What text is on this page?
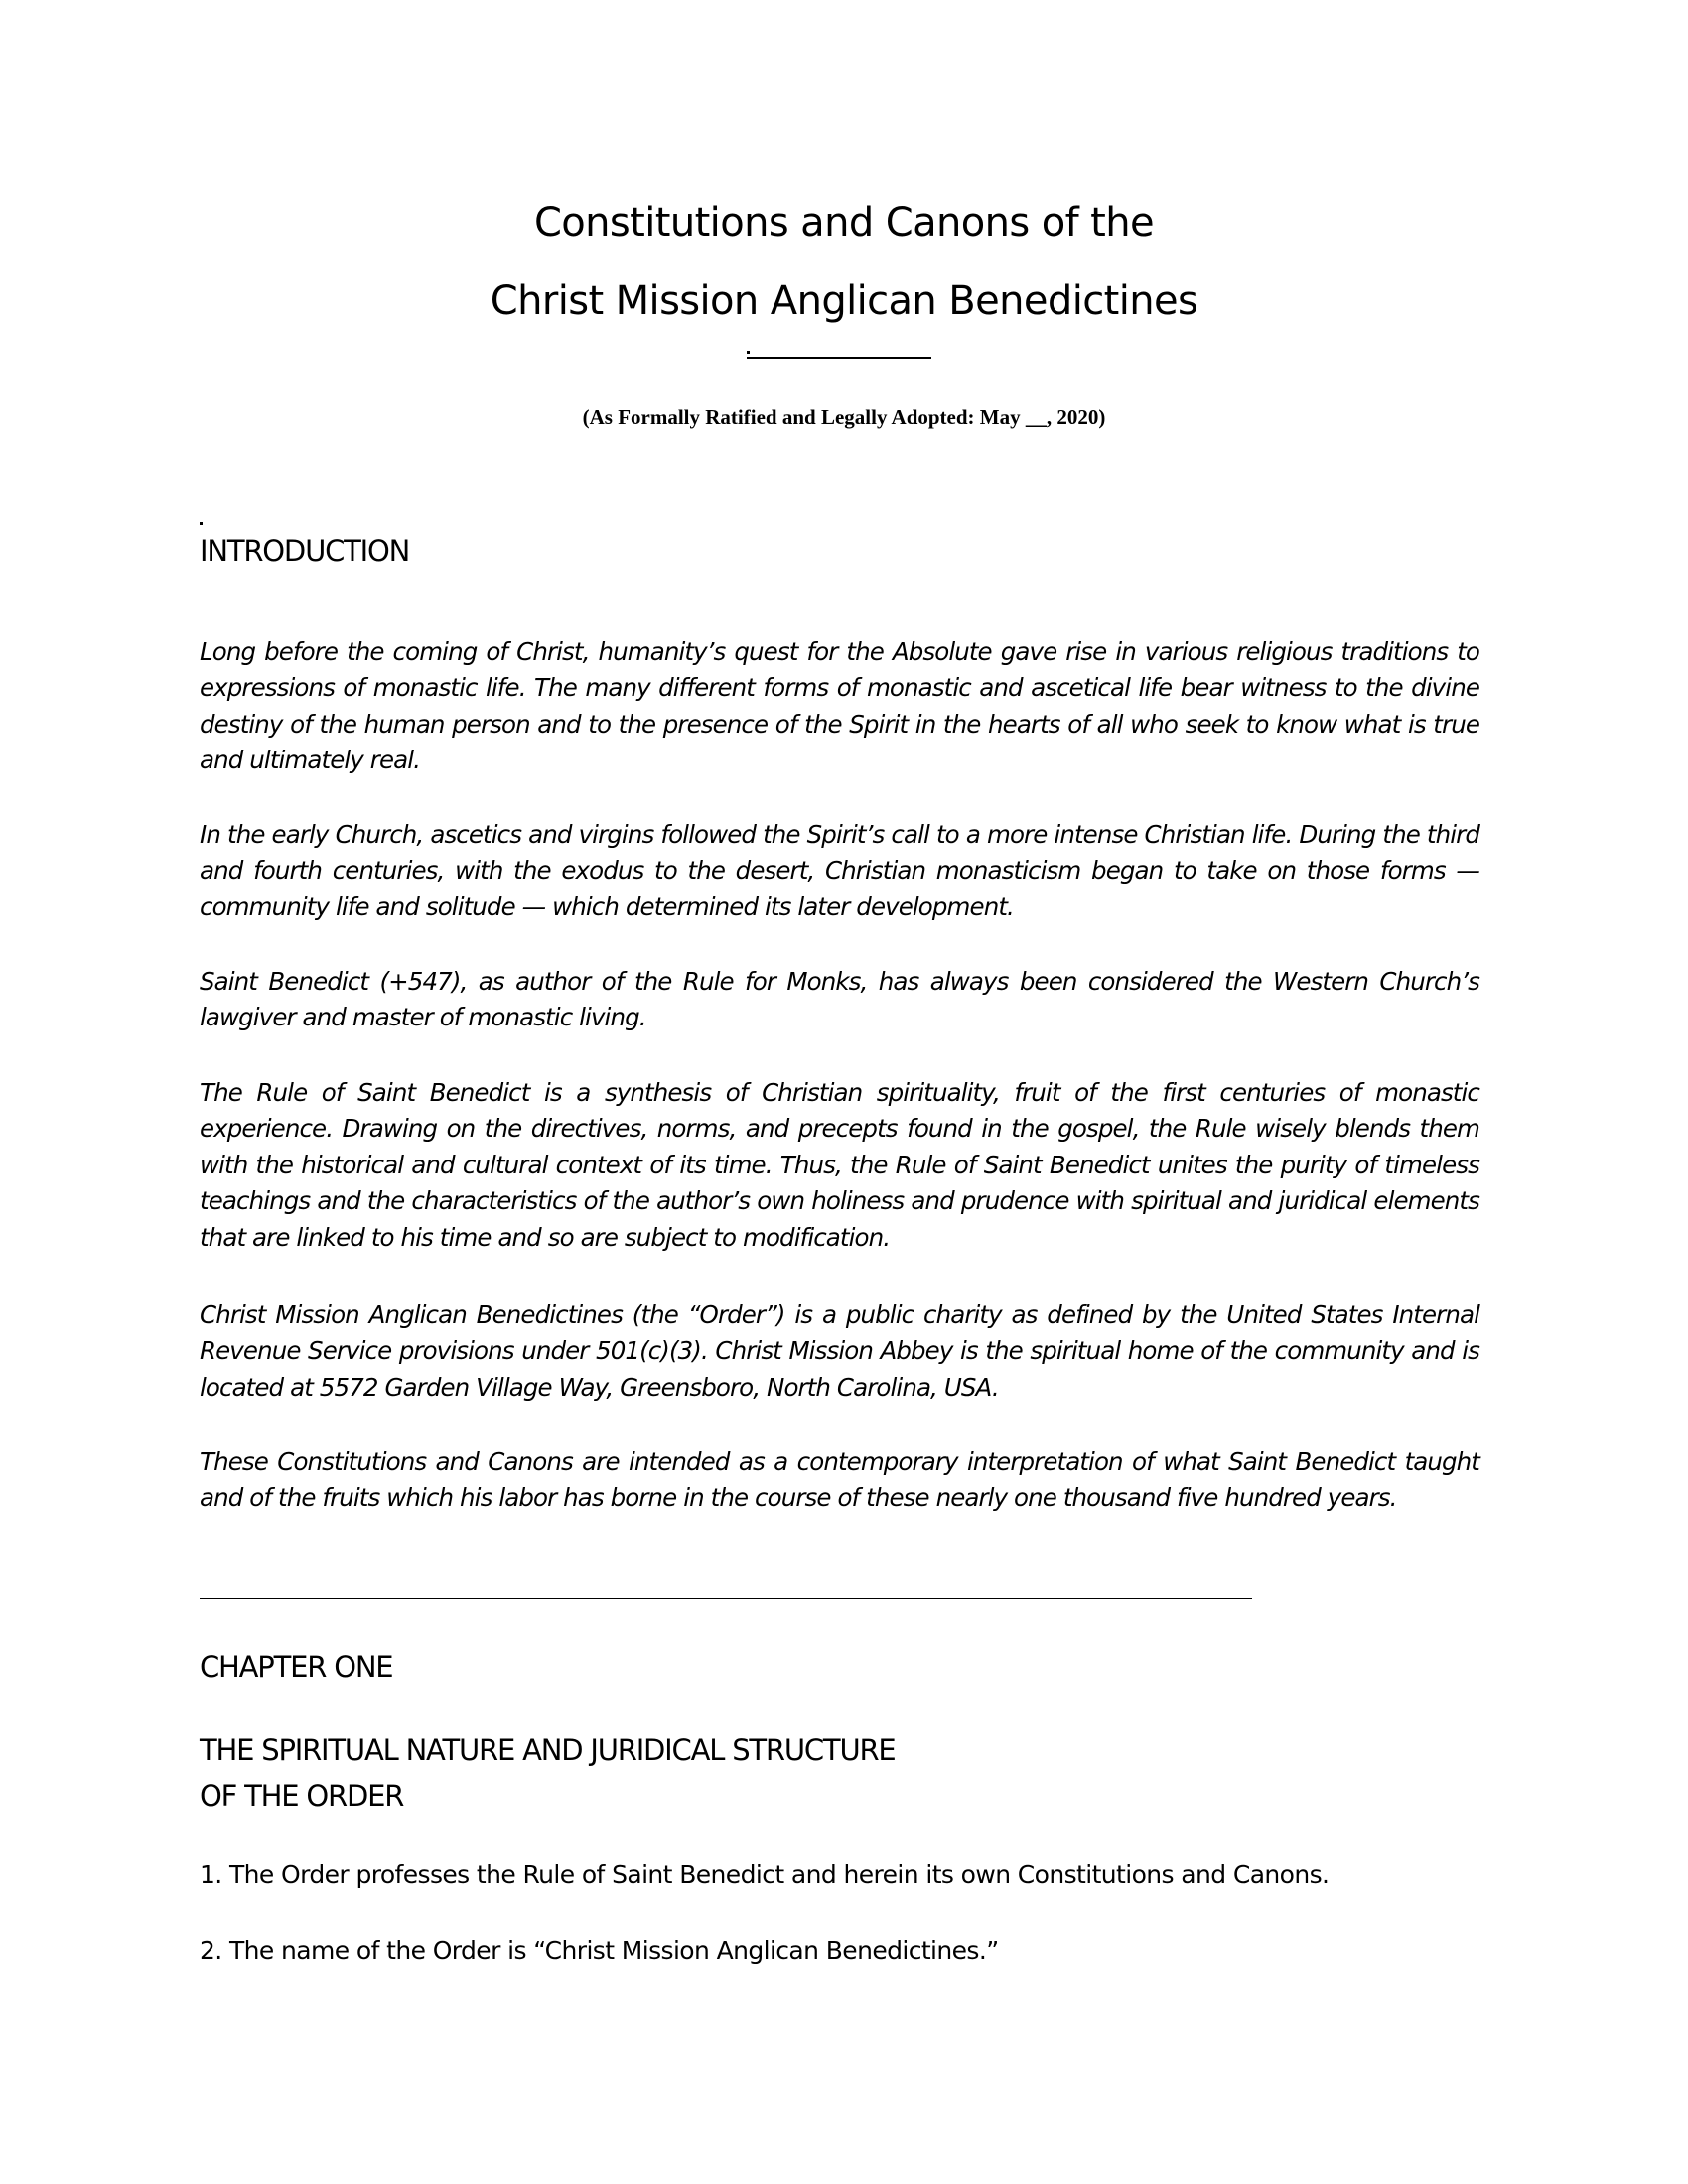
Constitutions and Canons of the
Christ Mission Anglican Benedictines
(As Formally Ratified and Legally Adopted: May __, 2020)
INTRODUCTION

Long before the coming of Christ, humanity’s quest for the Absolute gave rise in various religious traditions to expressions of monastic life. The many different forms of monastic and ascetical life bear witness to the divine destiny of the human person and to the presence of the Spirit in the hearts of all who seek to know what is true and ultimately real.

In the early Church, ascetics and virgins followed the Spirit’s call to a more intense Christian life. During the third and fourth centuries, with the exodus to the desert, Christian monasticism began to take on those forms — community life and solitude — which determined its later development.

Saint Benedict (+547), as author of the Rule for Monks, has always been considered the Western Church’s lawgiver and master of monastic living.

The Rule of Saint Benedict is a synthesis of Christian spirituality, fruit of the first centuries of monastic experience. Drawing on the directives, norms, and precepts found in the gospel, the Rule wisely blends them with the historical and cultural context of its time. Thus, the Rule of Saint Benedict unites the purity of timeless teachings and the characteristics of the author’s own holiness and prudence with spiritual and juridical elements that are linked to his time and so are subject to modification.

Christ Mission Anglican Benedictines (the “Order”) is a public charity as defined by the United States Internal Revenue Service provisions under 501(c)(3). Christ Mission Abbey is the spiritual home of the community and is located at 5572 Garden Village Way, Greensboro, North Carolina, USA.

These Constitutions and Canons are intended as a contemporary interpretation of what Saint Benedict taught and of the fruits which his labor has borne in the course of these nearly one thousand five hundred years.

CHAPTER ONE
THE SPIRITUAL NATURE AND JURIDICAL STRUCTURE
OF THE ORDER
1. The Order professes the Rule of Saint Benedict and herein its own Constitutions and Canons.
2. The name of the Order is “Christ Mission Anglican Benedictines.”
